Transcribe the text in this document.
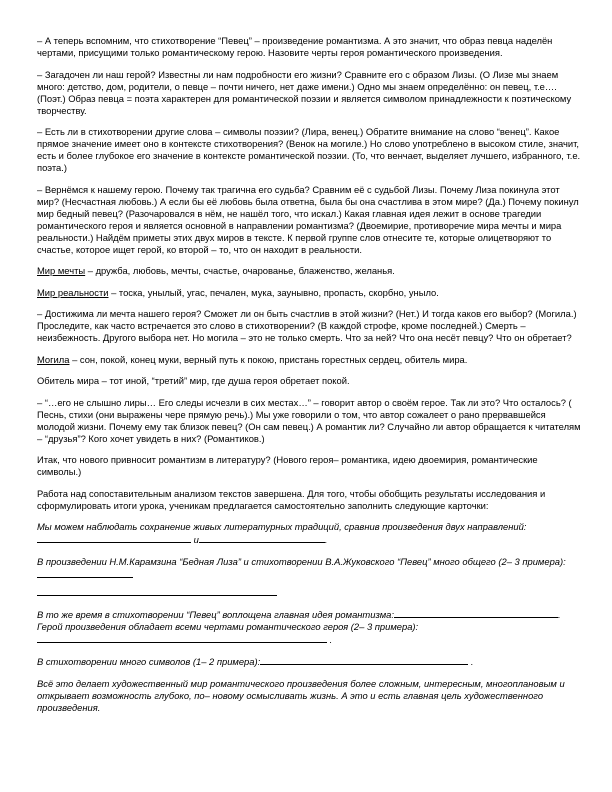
– А теперь вспомним, что стихотворение “Певец” – произведение романтизма. А это значит, что образ певца наделён чертами, присущими только романтическому герою. Назовите черты героя романтического произведения.

– Загадочен ли наш герой? Известны ли нам подробности его жизни? Сравните его с образом Лизы. (О Лизе мы знаем много: детство, дом, родители, о певце – почти ничего, нет даже имени.) Одно мы знаем определённо: он певец, т.е…. (Поэт.) Образ певца = поэта характерен для романтической поэзии и является символом принадлежности к поэтическому творчеству.

– Есть ли в стихотворении другие слова – символы поэзии? (Лира, венец.) Обратите внимание на слово “венец”. Какое прямое значение имеет оно в контексте стихотворения? (Венок на могиле.) Но слово употреблено в высоком стиле, значит, есть и более глубокое его значение в контексте романтической поэзии. (То, что венчает, выделяет лучшего, избранного, т.е. поэта.)

– Вернёмся к нашему герою. Почему так трагична его судьба? Сравним её с судьбой Лизы. Почему Лиза покинула этот мир? (Несчастная любовь.) А если бы её любовь была ответна, была бы она счастлива в этом мире? (Да.) Почему покинул мир бедный певец? (Разочаровался в нём, не нашёл того, что искал.) Какая главная идея лежит в основе трагедии романтического героя и является основной в направлении романтизма? (Двоемирие, противоречие мира мечты и мира реальности.) Найдём приметы этих двух миров в тексте. К первой группе слов отнесите те, которые олицетворяют то счастье, которое ищет герой, ко второй – то, что он находит в реальности.

Мир мечты – дружба, любовь, мечты, счастье, очарованье, блаженство, желанья.

Мир реальности – тоска, унылый, угас, печален, мука, заунывно, пропасть, скорбно, уныло.

– Достижима ли мечта нашего героя? Сможет ли он быть счастлив в этой жизни? (Нет.) И тогда каков его выбор? (Могила.) Проследите, как часто встречается это слово в стихотворении? (В каждой строфе, кроме последней.) Смерть – неизбежность. Другого выбора нет. Но могила – это не только смерть. Что за ней? Что она несёт певцу? Что он обретает?

Могила – сон, покой, конец муки, верный путь к покою, пристань горестных сердец, обитель мира.

Обитель мира – тот иной, “третий” мир, где душа героя обретает покой.

– “…его не слышно лиры… Его следы исчезли в сих местах…” – говорит автор о своём герое. Так ли это? Что осталось? ( Песнь, стихи (они выражены чере прямую речь).) Мы уже говорили о том, что автор сожалеет о рано прервавшейся молодой жизни. Почему ему так близок певец? (Он сам певец.) А романтик ли? Случайно ли автор обращается к читателям – “друзья”? Кого хочет увидеть в них? (Романтиков.)

Итак, что нового привносит романтизм в литературу? (Нового героя– романтика, идею двоемирия, романтические символы.)

Работа над сопоставительным анализом текстов завершена. Для того, чтобы обобщить результаты исследования и сформулировать итоги урока, ученикам предлагается самостоятельно заполнить следующие карточки:

Мы можем наблюдать сохранение живых литературных традиций, сравнив произведения двух направлений: и	.

В произведении Н.М.Карамзина “Бедная Лиза” и стихотворении В.А.Жуковского “Певец” много общего (2– 3 примера):

В то же время в стихотворении “Певец” воплощена главная идея романтизма:	.
Герой произведения обладает всеми чертами романтического героя (2– 3 примера): .

В стихотворении много символов (1– 2 примера):	.

Всё это делает художественный мир романтического произведения более сложным, интересным, многоплановым и открывает возможность глубоко, по– новому осмысливать жизнь. А это и есть главная цель художественного произведения.
